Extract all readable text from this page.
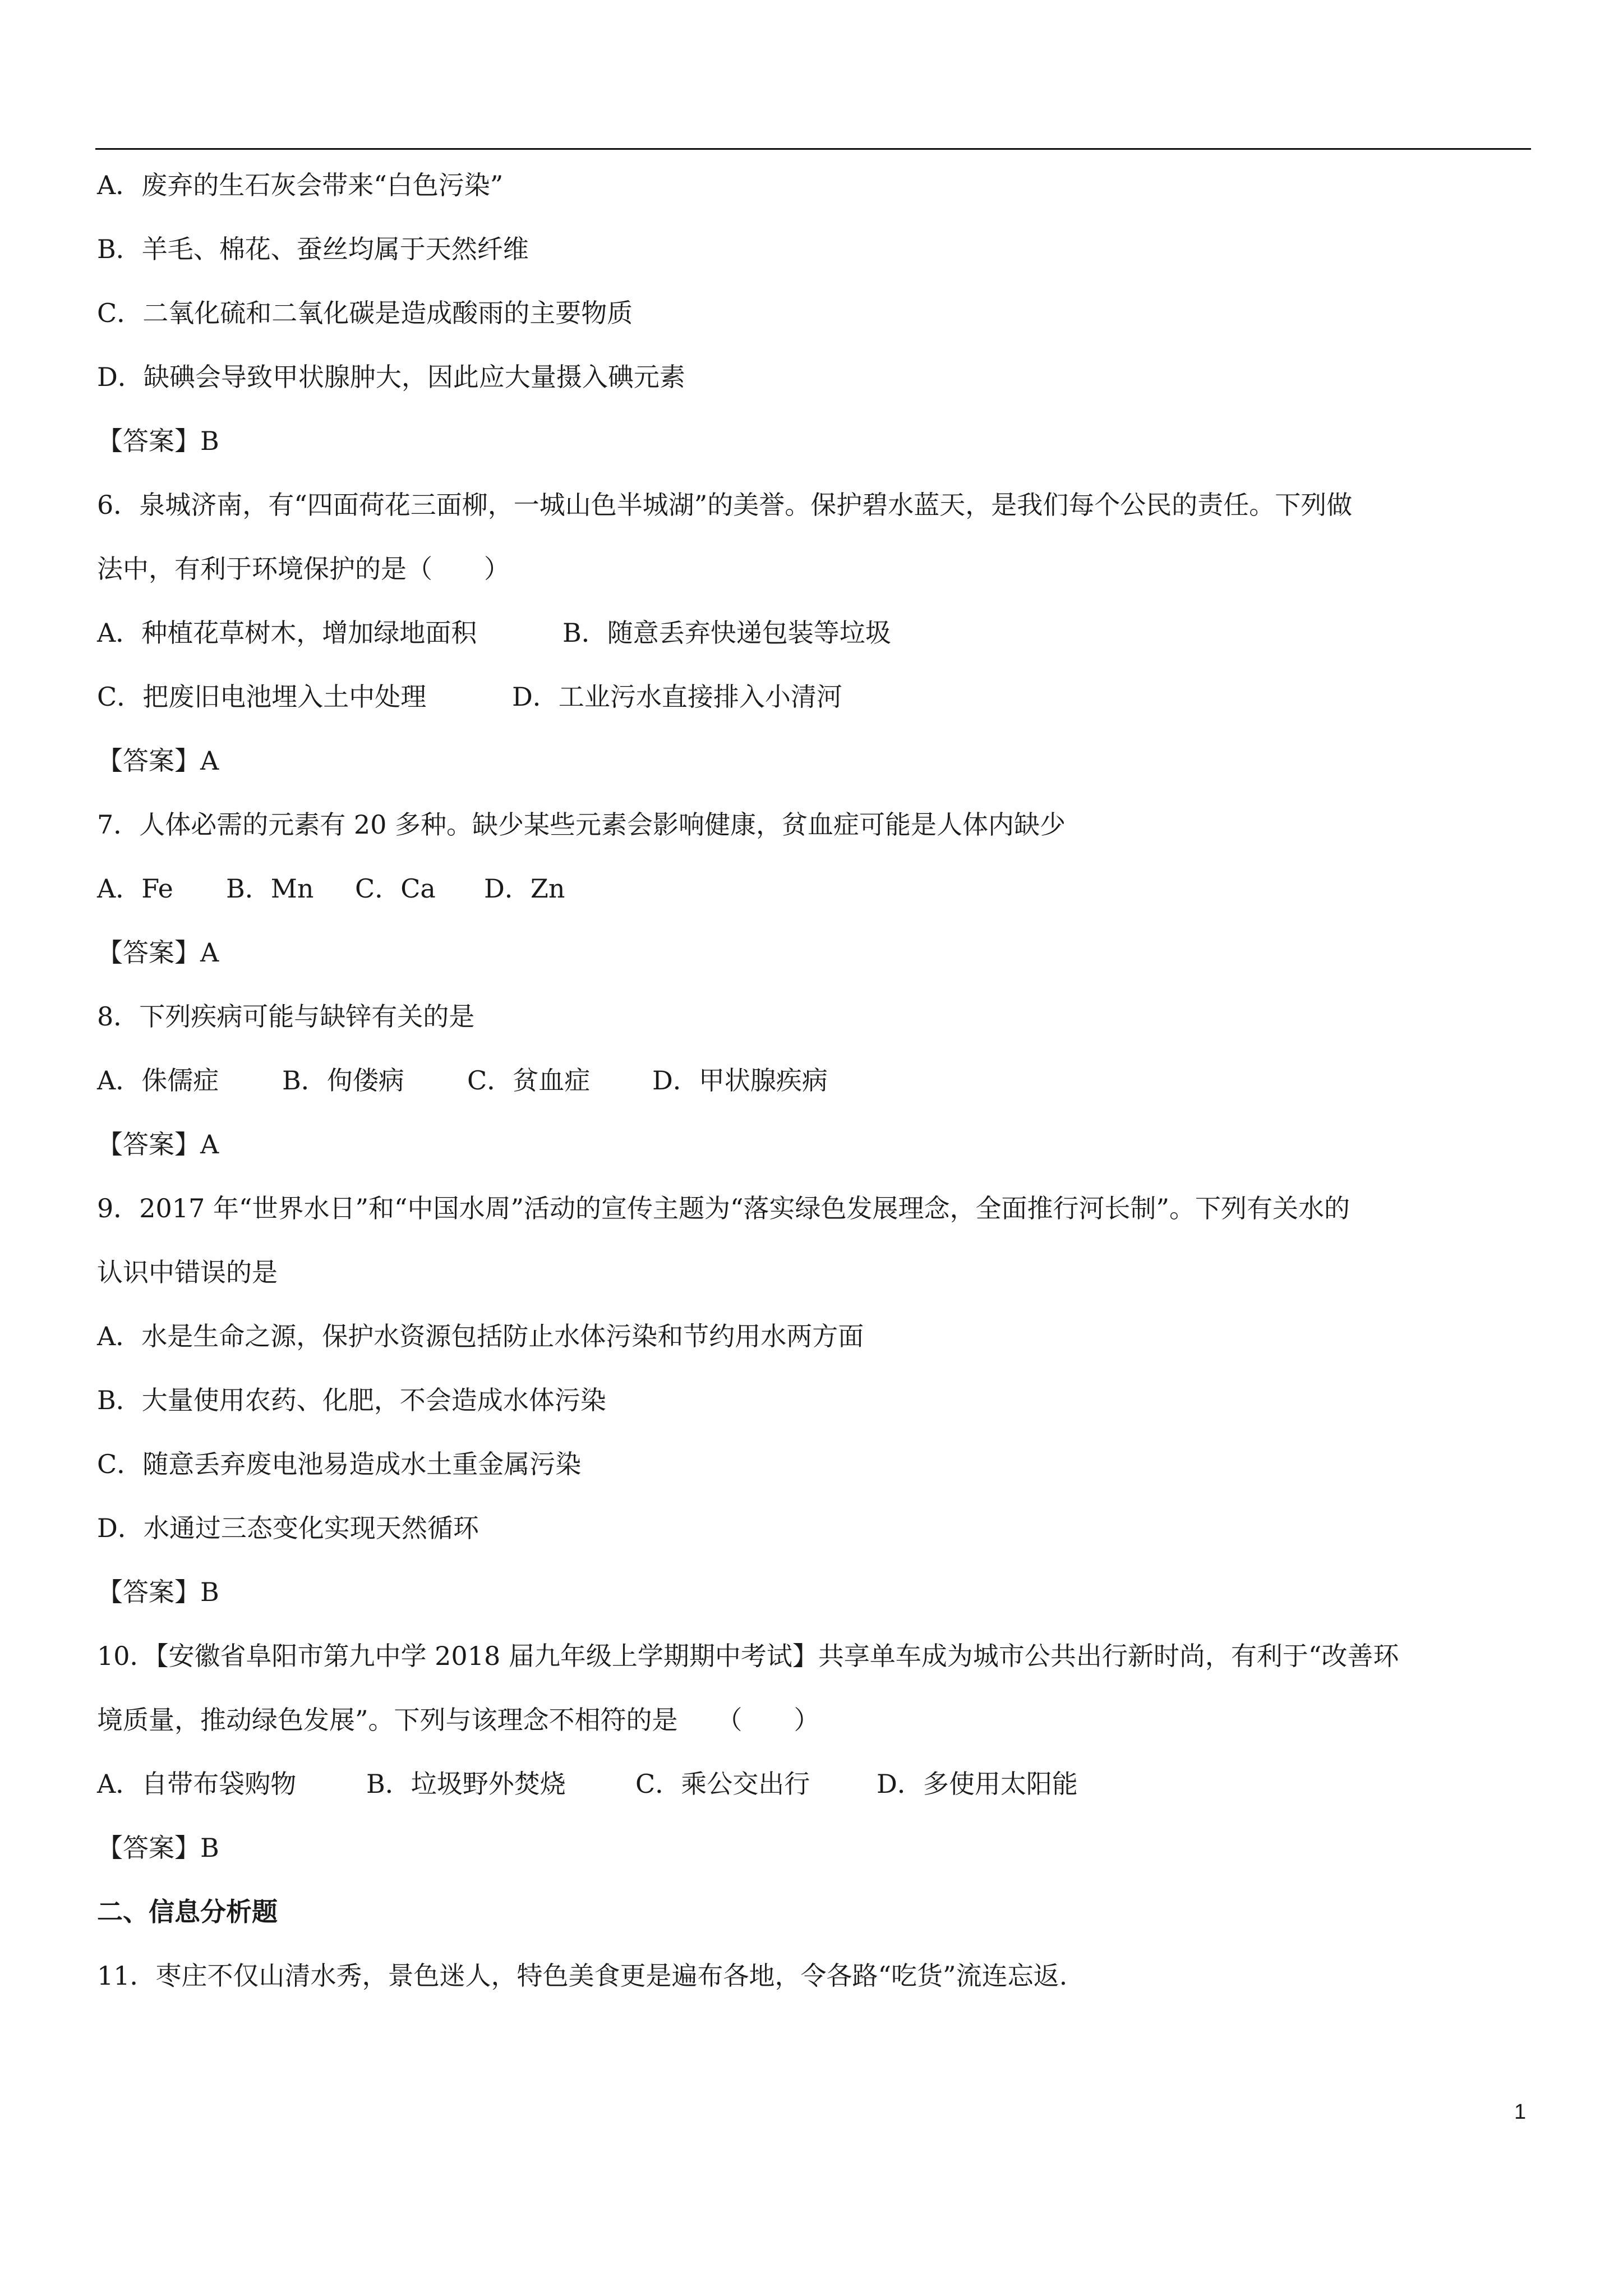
A．废弃的生石灰会带来“白色污染”
B．羊毛、棉花、蚕丝均属于天然纤维
C．二氧化硫和二氧化碳是造成酸雨的主要物质
D．缺碘会导致甲状腺肿大，因此应大量摄入碘元素
【答案】B
6．泉城济南，有“四面荷花三面柳，一城山色半城湖”的美誉。保护碧水蓝天，是我们每个公民的责任。下列做
法中，有利于环境保护的是（　　）
A．种植花草树木，增加绿地面积	B．随意丢弃快递包装等垃圾
C．把废旧电池埋入土中处理	D．工业污水直接排入小清河
【答案】A
7．人体必需的元素有 20 多种。缺少某些元素会影响健康，贫血症可能是人体内缺少
A．Fe	B．Mn	C．Ca	D．Zn
【答案】A
8．下列疾病可能与缺锌有关的是
A．侏儒症	B．佝偻病	C．贫血症	D．甲状腺疾病
【答案】A
9．2017 年“世界水日”和“中国水周”活动的宣传主题为“落实绿色发展理念，全面推行河长制”。下列有关水的
认识中错误的是
A．水是生命之源，保护水资源包括防止水体污染和节约用水两方面
B．大量使用农药、化肥，不会造成水体污染
C．随意丢弃废电池易造成水土重金属污染
D．水通过三态变化实现天然循环
【答案】B
10．【安徽省阜阳市第九中学 2018 届九年级上学期期中考试】共享单车成为城市公共出行新时尚，有利于“改善环
境质量，推动绿色发展”。下列与该理念不相符的是　　（　　）
A．自带布袋购物	B．垃圾野外焚烧	C．乘公交出行	D．多使用太阳能
【答案】B
二、信息分析题
11．枣庄不仅山清水秀，景色迷人，特色美食更是遍布各地，令各路“吃货”流连忘返.
1
